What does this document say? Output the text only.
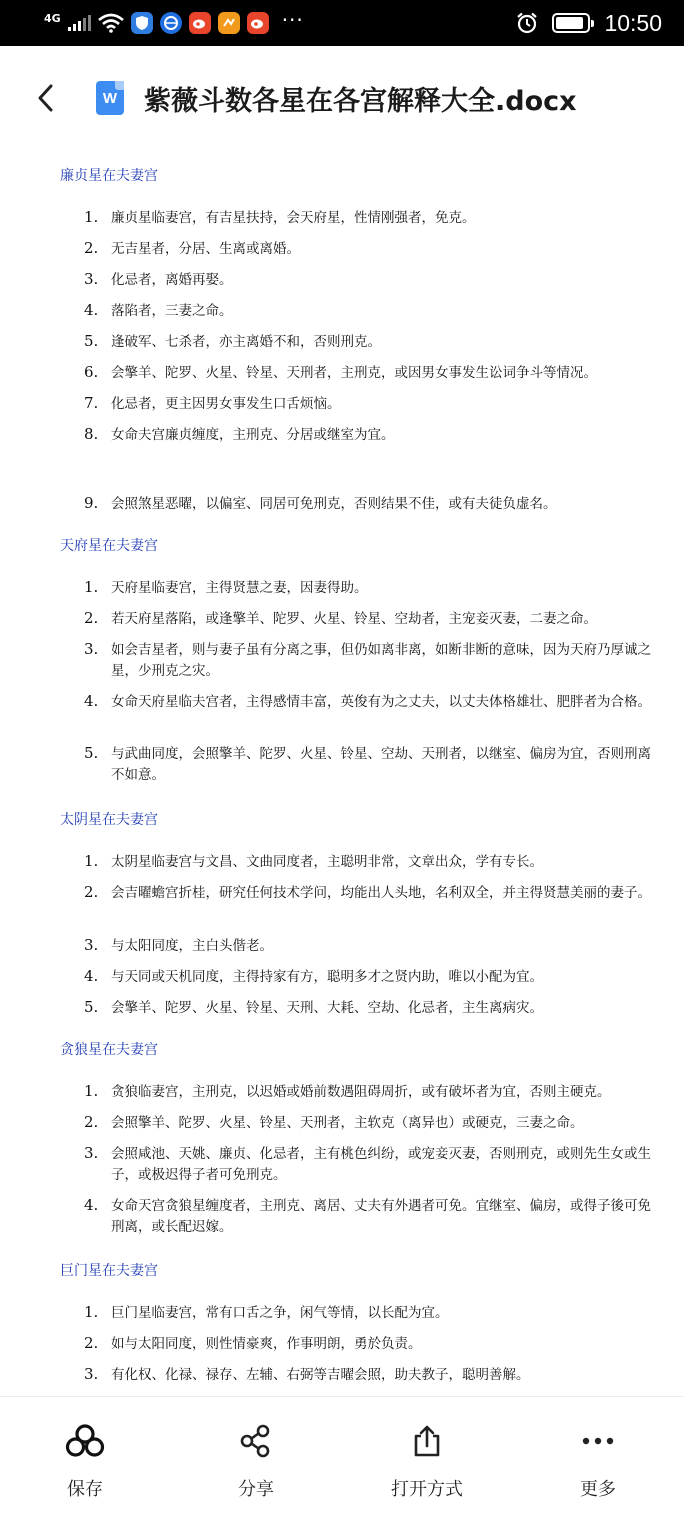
4G	···	10:50
W 紫薇斗数各星在各宫解释大全.docx
廉贞星在夫妻宫
1. 廉贞星临妻宫，有吉星扶持，会天府星，性情刚强者，免克。
2. 无吉星者，分居、生离或离婚。
3. 化忌者，离婚再娶。
4. 落陷者，三妻之命。
5. 逢破军、七杀者，亦主离婚不和，否则刑克。
6. 会擎羊、陀罗、火星、铃星、天刑者，主刑克，或因男女事发生讼词争斗等情况。
7. 化忌者，更主因男女事发生口舌烦恼。
8. 女命夫宫廉贞缠度，主刑克、分居或继室为宜。
9. 会照煞星恶曜，以偏室、同居可免刑克，否则结果不佳，或有夫徒负虚名。
天府星在夫妻宫
1. 天府星临妻宫，主得贤慧之妻，因妻得助。
2. 若天府星落陷，或逢擎羊、陀罗、火星、铃星、空劫者，主宠妾灭妻，二妻之命。
3. 如会吉星者，则与妻子虽有分离之事，但仍如离非离，如断非断的意味，因为天府乃厚诚之星，少刑克之灾。
4. 女命天府星临夫宫者，主得感情丰富，英俊有为之丈夫，以丈夫体格雄壮、肥胖者为合格。
5. 与武曲同度，会照擎羊、陀罗、火星、铃星、空劫、天刑者，以继室、偏房为宜，否则刑离不如意。
太阴星在夫妻宫
1. 太阴星临妻宫与文昌、文曲同度者，主聪明非常，文章出众，学有专长。
2. 会吉曜蟾宫折桂，研究任何技术学问，均能出人头地，名利双全，并主得贤慧美丽的妻子。
3. 与太阳同度，主白头偕老。
4. 与天同或天机同度，主得持家有方，聪明多才之贤内助，唯以小配为宜。
5. 会擎羊、陀罗、火星、铃星、天刑、大耗、空劫、化忌者，主生离病灾。
贪狼星在夫妻宫
1. 贪狼临妻宫，主刑克，以迟婚或婚前数遇阻碍周折，或有破坏者为宜，否则主硬克。
2. 会照擎羊、陀罗、火星、铃星、天刑者，主软克（离异也）或硬克，三妻之命。
3. 会照咸池、天姚、廉贞、化忌者，主有桃色纠纷，或宠妾灭妻，否则刑克，或则先生女或生子，或极迟得子者可免刑克。
4. 女命天宫贪狼星缠度者，主刑克、离居、丈夫有外遇者可免。宜继室、偏房，或得子後可免刑离，或长配迟嫁。
巨门星在夫妻宫
1. 巨门星临妻宫，常有口舌之争，闲气等情，以长配为宜。
2. 如与太阳同度，则性情豪爽，作事明朗，勇於负责。
3. 有化权、化禄、禄存、左辅、右弼等吉曜会照，助夫教子，聪明善解。
保存	分享	打开方式	更多
